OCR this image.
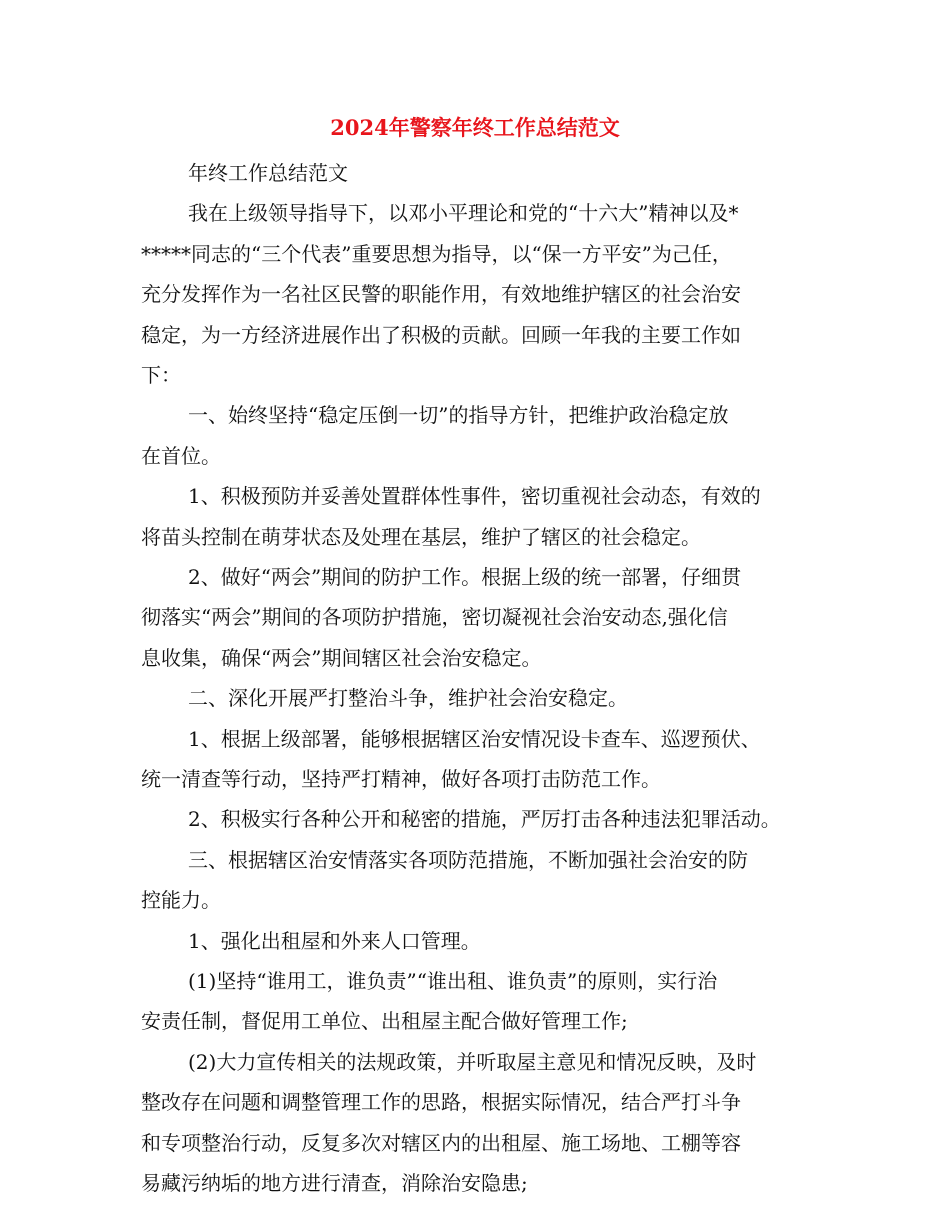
2024年警察年终工作总结范文
年终工作总结范文
我在上级领导指导下，以邓小平理论和党的“十六大”精神以及*
*****同志的“三个代表”重要思想为指导，以“保一方平安”为己任，
充分发挥作为一名社区民警的职能作用，有效地维护辖区的社会治安
稳定，为一方经济进展作出了积极的贡献。回顾一年我的主要工作如
下：
一、始终坚持“稳定压倒一切”的指导方针，把维护政治稳定放
在首位。
1、积极预防并妥善处置群体性事件，密切重视社会动态，有效的
将苗头控制在萌芽状态及处理在基层，维护了辖区的社会稳定。
2、做好“两会”期间的防护工作。根据上级的统一部署，仔细贯
彻落实“两会”期间的各项防护措施，密切凝视社会治安动态,强化信
息收集，确保“两会”期间辖区社会治安稳定。
二、深化开展严打整治斗争，维护社会治安稳定。
1、根据上级部署，能够根据辖区治安情况设卡查车、巡逻预伏、
统一清查等行动，坚持严打精神，做好各项打击防范工作。
2、积极实行各种公开和秘密的措施，严厉打击各种违法犯罪活动。
三、根据辖区治安情落实各项防范措施，不断加强社会治安的防
控能力。
1、强化出租屋和外来人口管理。
(1)坚持“谁用工，谁负责”“谁出租、谁负责”的原则，实行治
安责任制，督促用工单位、出租屋主配合做好管理工作;
(2)大力宣传相关的法规政策，并听取屋主意见和情况反映，及时
整改存在问题和调整管理工作的思路，根据实际情况，结合严打斗争
和专项整治行动，反复多次对辖区内的出租屋、施工场地、工棚等容
易藏污纳垢的地方进行清查，消除治安隐患;
